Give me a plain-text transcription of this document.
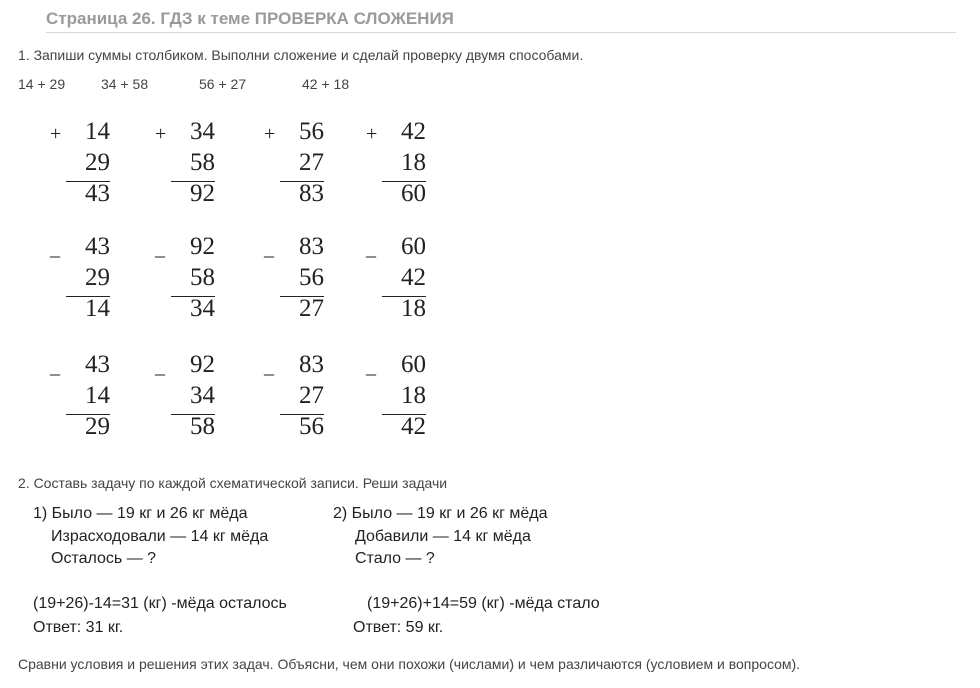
Страница 26. ГДЗ к теме ПРОВЕРКА СЛОЖЕНИЯ
1. Запиши суммы столбиком. Выполни сложение и сделай проверку двумя способами.
14 + 29	34 + 58	56 + 27	42 + 18
+ 14
29
43
+ 34
58
92
+ 56
27
83
+ 42
18
60
_ 43
29
14
_ 92
58
34
_ 83
56
27
_ 60
42
18
_ 43
14
29
_ 92
34
58
_ 83
27
56
_ 60
18
42
2. Составь задачу по каждой схематической записи. Реши задачи
1) Было — 19 кг и 26 кг мёда
Израсходовали — 14 кг мёда
Осталось — ?
2) Было — 19 кг и 26 кг мёда
Добавили — 14 кг мёда
Стало — ?
(19+26)-14=31 (кг) -мёда осталось
Ответ: 31 кг.
(19+26)+14=59 (кг) -мёда стало
Ответ: 59 кг.
Сравни условия и решения этих задач. Объясни, чем они похожи (числами) и чем различаются (условием и вопросом).
